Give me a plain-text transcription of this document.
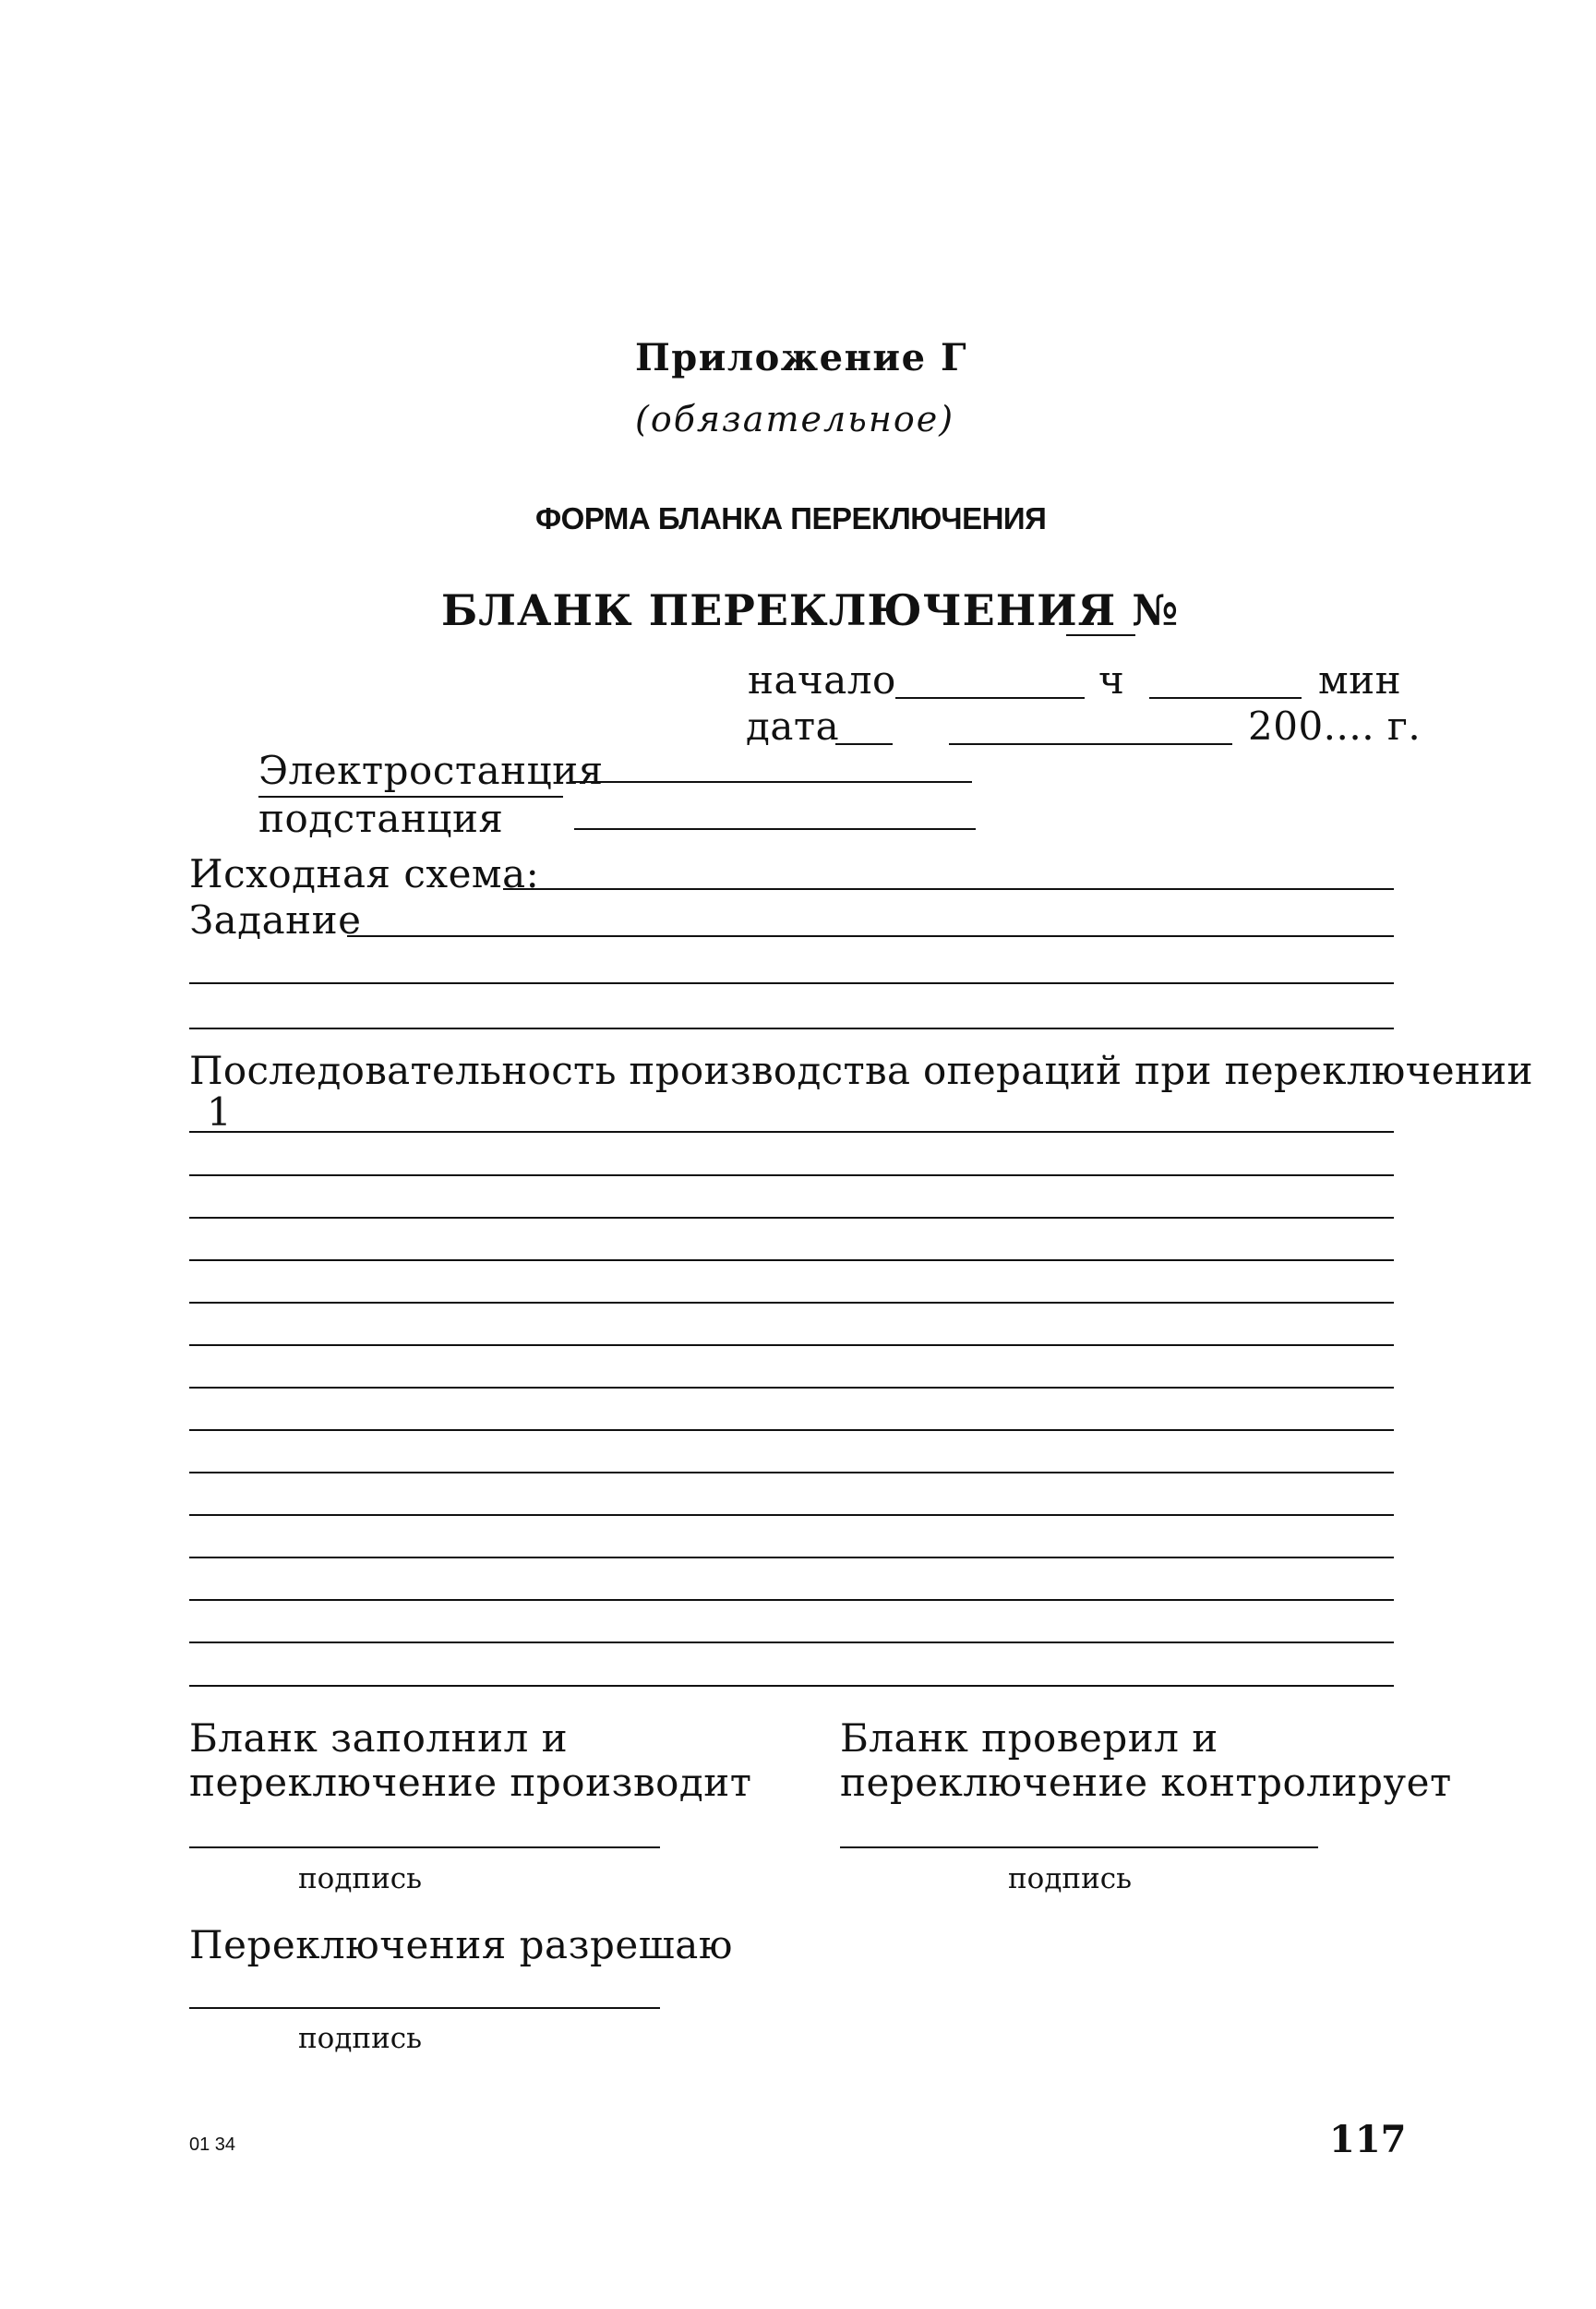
Приложение Г
(обязательное)
ФОРМА БЛАНКА ПЕРЕКЛЮЧЕНИЯ
БЛАНК ПЕРЕКЛЮЧЕНИЯ №
начало	ч	мин
дата	200.... г.
Электростанция
подстанция
Исходная схема:
Задание
Последовательность производства операций при переключении
1
Бланк заполнил и
переключение производит
Бланк проверил и
переключение контролирует
подпись	подпись
Переключения разрешаю
подпись
01 34	117
